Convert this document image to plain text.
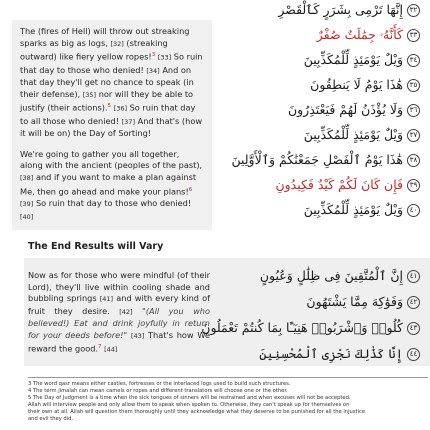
The (fires of Hell) will throw out streaking sparks as big as logs, [32] (streaking outward) like fiery yellow ropes!$^3$ [33] So ruin that day to those who denied! [34] And on that day they'll get no chance to speak (in their defense), [35] nor will they be able to justify (their actions).$^5$ [36] So ruin that day to all those who denied! [37] And that's (how it will be on) the Day of Sorting!

We're going to gather you all together, along with the ancient (peoples of the past), [38] and if you want to make a plan against Me, then go ahead and make your plans!$^6$ [39] So ruin that day to those who denied! [40]

٣٢إِنَّهَا تَرْمِى بِشَرَرٍ كَٱلْقَصْرِ
٣٣كَأَنَّهُۥ جِمَٰلَتٌ صُفْرٌ
٣٤وَيْلٌ يَوْمَئِذٍ لِّلْمُكَذِّبِينَ
٣٥هَٰذَا يَوْمُ لَا يَنطِقُونَ
٣٦وَلَا يُؤْذَنُ لَهُمْ فَيَعْتَذِرُونَ
٣٧وَيْلٌ يَوْمَئِذٍ لِّلْمُكَذِّبِينَ
٣٨هَٰذَا يَوْمُ ٱلْفَصْلِ جَمَعْنَٰكُمْ وَٱلْأَوَّلِينَ
٣٩فَإِن كَانَ لَكُمْ كَيْدٌ فَكِيدُونِ
٤٠وَيْلٌ يَوْمَئِذٍ لِّلْمُكَذِّبِينَ
The End Results will Vary
Now as for those who were mindful (of their Lord), they'll live within cooling shade and bubbling springs [41] and with every kind of fruit they desire. [42] "(All you who believed!) Eat and drink joyfully in return for your deeds before!" [43] That's how We reward the good.$^7$ [44]
٤١إِنَّ ٱلْمُتَّقِينَ فِى ظِلَٰلٍ وَعُيُونٍ
٤٢وَفَوَٰكِهَ مِمَّا يَشْتَهُونَ
٤٣كُلُوا۟ وَٱشْرَبُوا۟ هَنِيٓـًٔا بِمَا كُنتُمْ تَعْمَلُونَ
٤٤إِنَّا كَذَٰلِكَ نَجْزِى ٱلْمُحْسِنِينَ
3 The word qasr means either castles, fortresses or the interlaced logs used to build such structures.
4 The term jimalah can mean camels or ropes and different translators will choose one or the other.
5 The Day of Judgment is a time when the sick tongues of sinners will be restrained and when excuses will not be accepted.
Allah will interview people and only allow them to speak when spoken to. Otherwise, they can't speak up for themselves on
their own at all. Allah will question them thoroughly until they acknowledge what they deserve to be punished for all the injustice
and evil they did.
